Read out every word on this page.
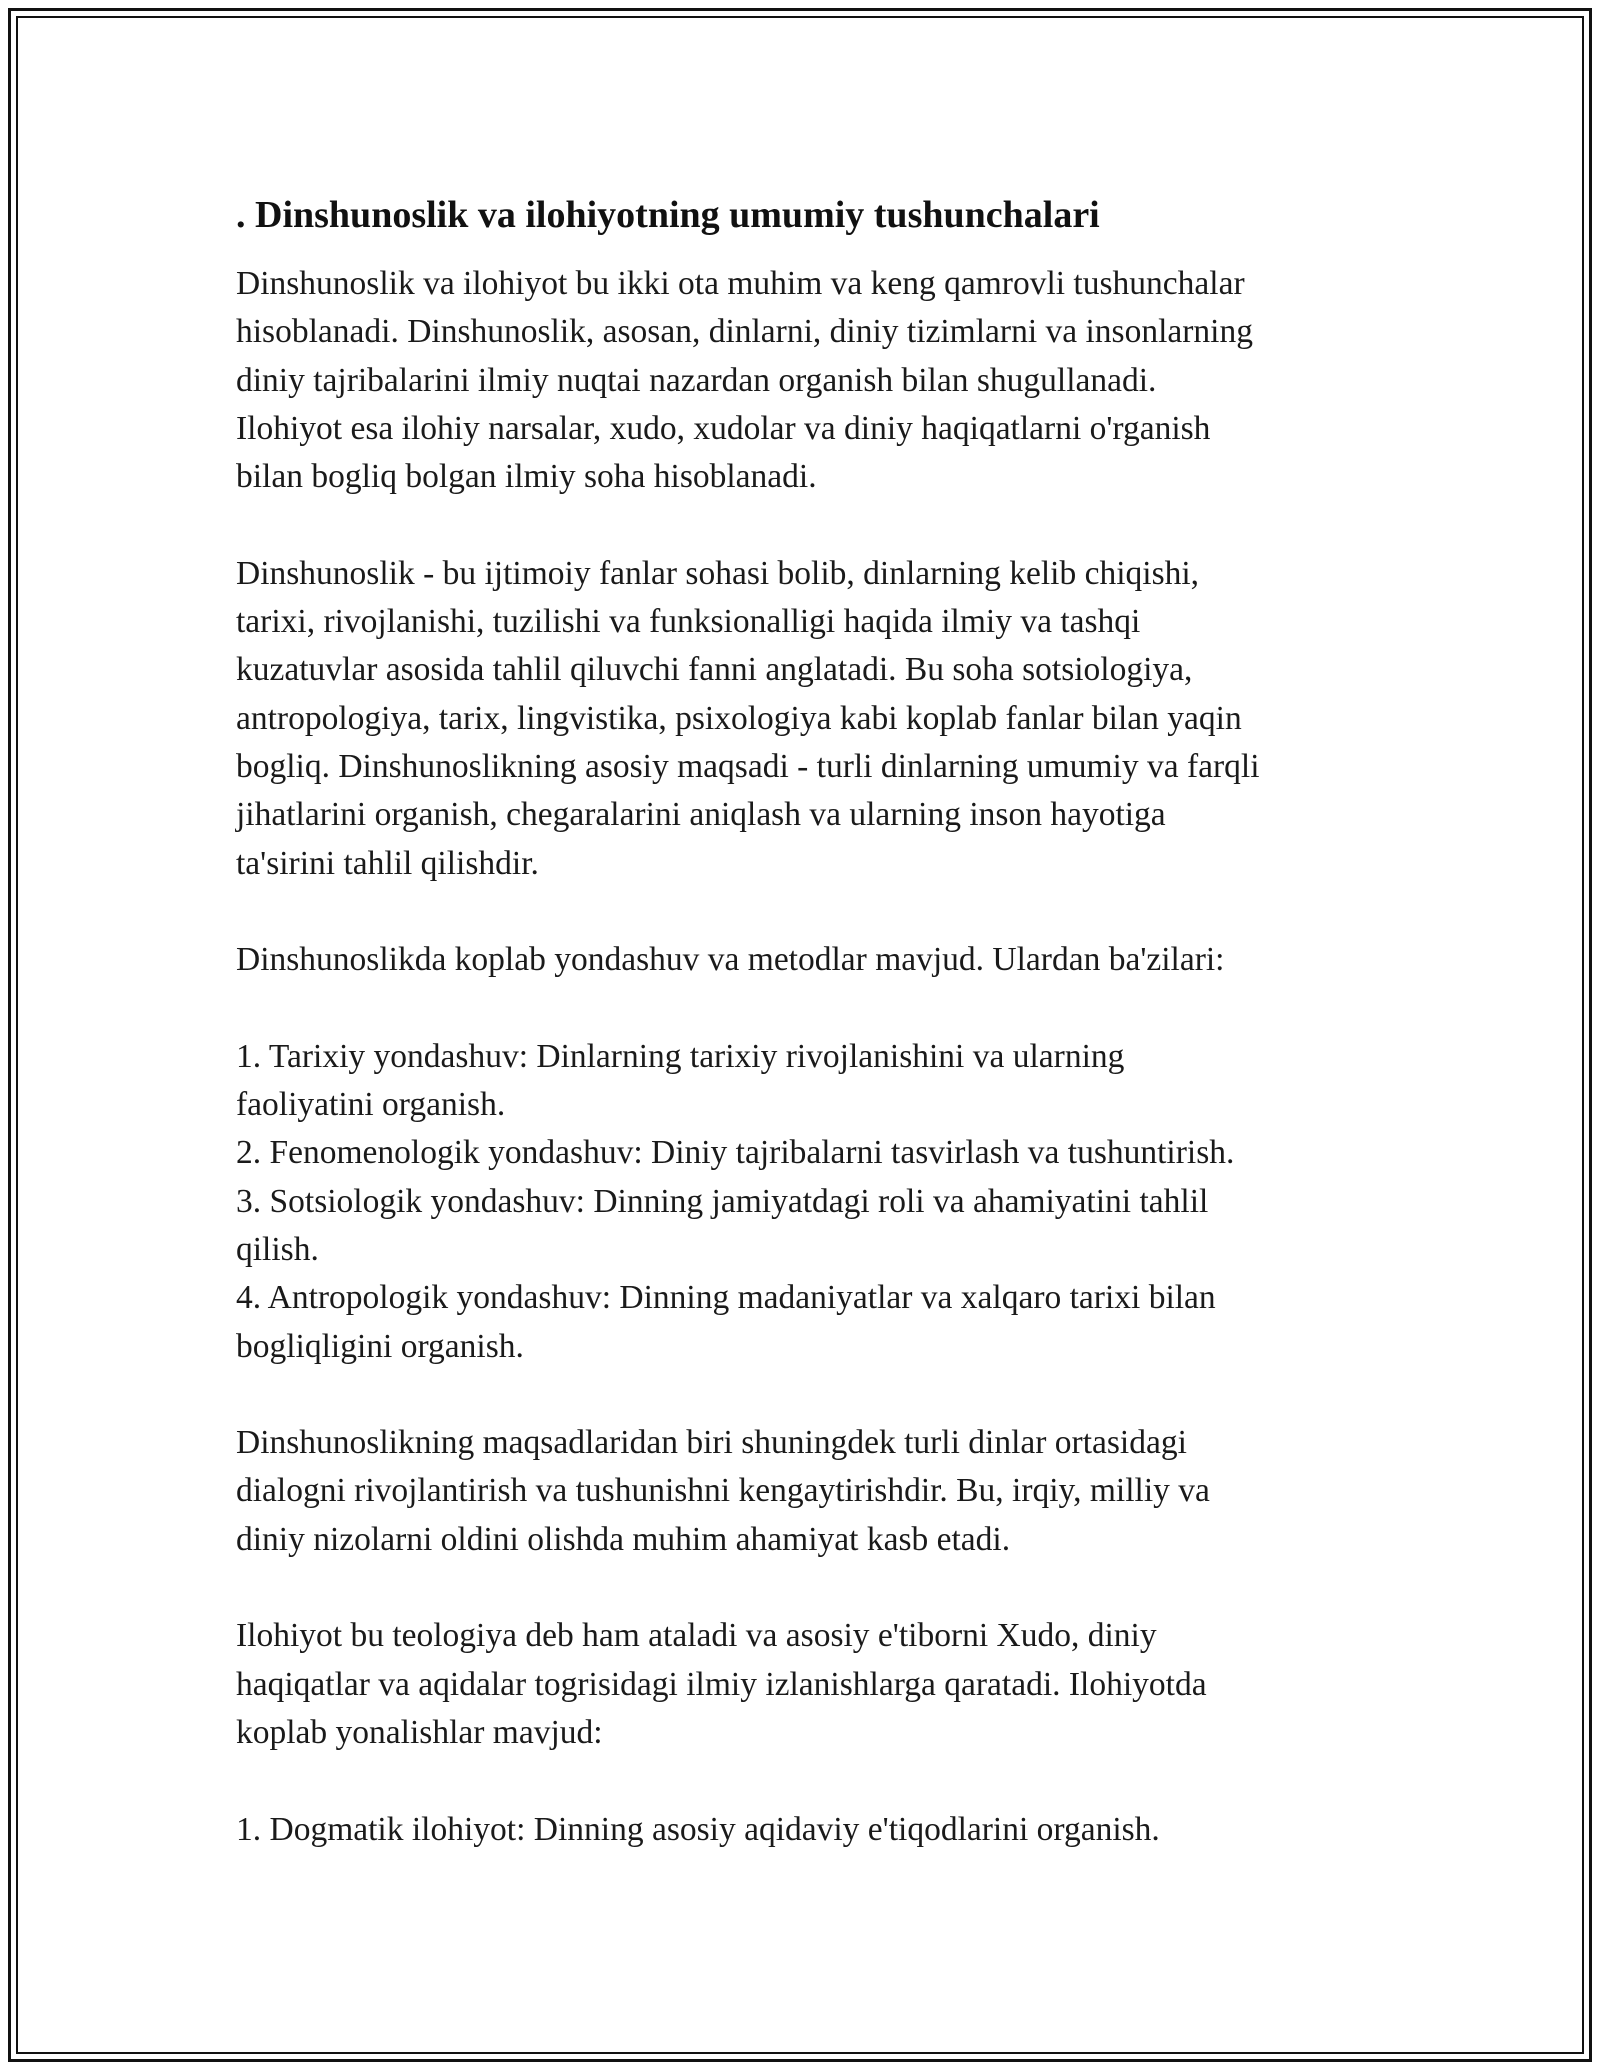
. Dinshunoslik va ilohiyotning umumiy tushunchalari
Dinshunoslik va ilohiyot bu ikki ota muhim va keng qamrovli tushunchalar
hisoblanadi. Dinshunoslik, asosan, dinlarni, diniy tizimlarni va insonlarning
diniy tajribalarini ilmiy nuqtai nazardan organish bilan shugullanadi.
Ilohiyot esa ilohiy narsalar, xudo, xudolar va diniy haqiqatlarni o'rganish
bilan bogliq bolgan ilmiy soha hisoblanadi.
Dinshunoslik - bu ijtimoiy fanlar sohasi bolib, dinlarning kelib chiqishi,
tarixi, rivojlanishi, tuzilishi va funksionalligi haqida ilmiy va tashqi
kuzatuvlar asosida tahlil qiluvchi fanni anglatadi. Bu soha sotsiologiya,
antropologiya, tarix, lingvistika, psixologiya kabi koplab fanlar bilan yaqin
bogliq. Dinshunoslikning asosiy maqsadi - turli dinlarning umumiy va farqli
jihatlarini organish, chegaralarini aniqlash va ularning inson hayotiga
ta'sirini tahlil qilishdir.
Dinshunoslikda koplab yondashuv va metodlar mavjud. Ulardan ba'zilari:
1. Tarixiy yondashuv: Dinlarning tarixiy rivojlanishini va ularning
faoliyatini organish.
2. Fenomenologik yondashuv: Diniy tajribalarni tasvirlash va tushuntirish.
3. Sotsiologik yondashuv: Dinning jamiyatdagi roli va ahamiyatini tahlil
qilish.
4. Antropologik yondashuv: Dinning madaniyatlar va xalqaro tarixi bilan
bogliqligini organish.
Dinshunoslikning maqsadlaridan biri shuningdek turli dinlar ortasidagi
dialogni rivojlantirish va tushunishni kengaytirishdir. Bu, irqiy, milliy va
diniy nizolarni oldini olishda muhim ahamiyat kasb etadi.
Ilohiyot bu teologiya deb ham ataladi va asosiy e'tiborni Xudo, diniy
haqiqatlar va aqidalar togrisidagi ilmiy izlanishlarga qaratadi. Ilohiyotda
koplab yonalishlar mavjud:
1. Dogmatik ilohiyot: Dinning asosiy aqidaviy e'tiqodlarini organish.
